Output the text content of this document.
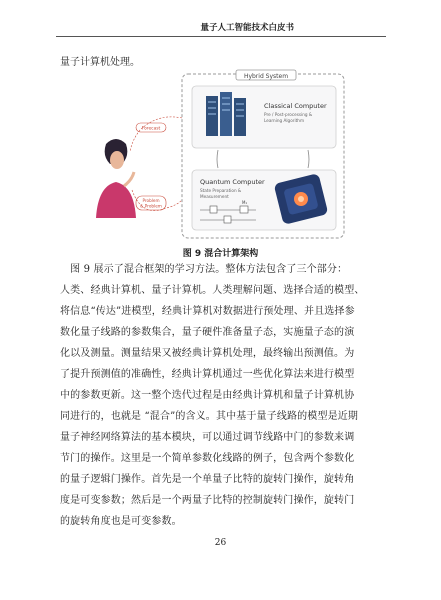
量子人工智能技术白皮书
量子计算机处理。
Hybrid System
Classical Computer
Pre / Post-processing &
Learning Algorithm
Quantum Computer
State Preparation &
Measurement
M₁
Forecast
Problem
& Problem
图 9 混合计算架构
　图 9 展示了混合框架的学习方法。整体方法包含了三个部分：
人类、经典计算机、量子计算机。人类理解问题、选择合适的模型、
将信息“传达”进模型，经典计算机对数据进行预处理、并且选择参
数化量子线路的参数集合，量子硬件准备量子态，实施量子态的演
化以及测量。测量结果又被经典计算机处理，最终输出预测值。为
了提升预测值的准确性，经典计算机通过一些优化算法来进行模型
中的参数更新。这一整个迭代过程是由经典计算机和量子计算机协
同进行的，也就是 “混合”的含义。其中基于量子线路的模型是近期
量子神经网络算法的基本模块，可以通过调节线路中门的参数来调
节门的操作。这里是一个简单参数化线路的例子，包含两个参数化
的量子逻辑门操作。首先是一个单量子比特的旋转门操作，旋转角
度是可变参数；然后是一个两量子比特的控制旋转门操作，旋转门
的旋转角度也是可变参数。
26
